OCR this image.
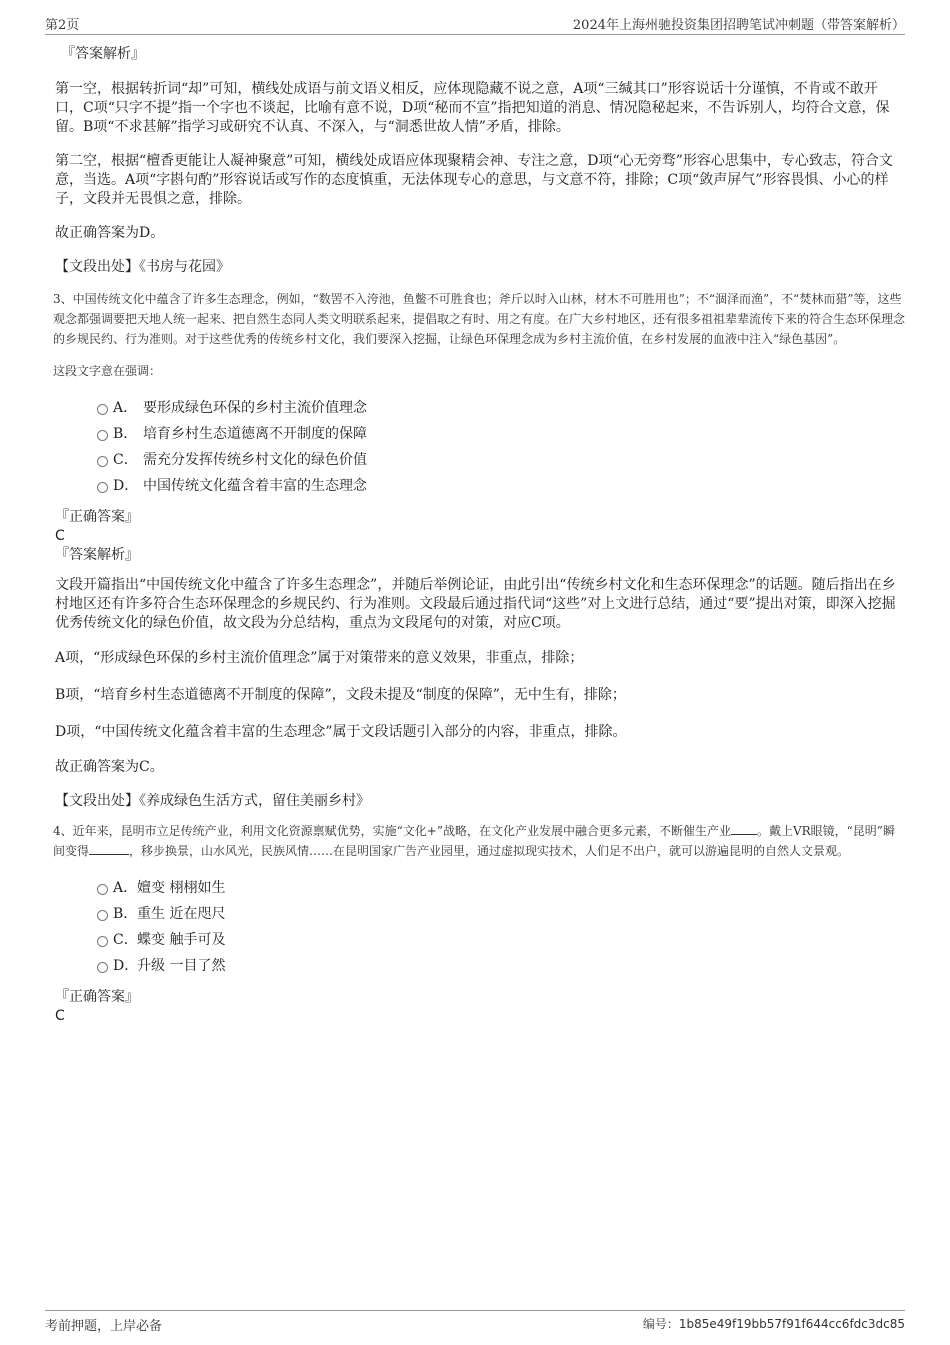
第2页	2024年上海州驰投资集团招聘笔试冲刺题（带答案解析）
『答案解析』

第一空，根据转折词“却”可知，横线处成语与前文语义相反，应体现隐藏不说之意，A项“三缄其口”形容说话十分谨慎，不肯或不敢开口，C项“只字不提”指一个字也不谈起，比喻有意不说，D项“秘而不宣”指把知道的消息、情况隐秘起来，不告诉别人，均符合文意，保留。B项“不求甚解”指学习或研究不认真、不深入，与“洞悉世故人情”矛盾，排除。

第二空，根据“檀香更能让人凝神聚意”可知，横线处成语应体现聚精会神、专注之意，D项“心无旁骛”形容心思集中，专心致志，符合文意，当选。A项“字斟句酌”形容说话或写作的态度慎重，无法体现专心的意思，与文意不符，排除；C项“敛声屏气”形容畏惧、小心的样子，文段并无畏惧之意，排除。

故正确答案为D。

【文段出处】《书房与花园》

3、中国传统文化中蕴含了许多生态理念，例如，“数罟不入洿池，鱼鳖不可胜食也；斧斤以时入山林，材木不可胜用也”；不“涸泽而渔”，不“焚林而猎”等，这些观念都强调要把天地人统一起来、把自然生态同人类文明联系起来，提倡取之有时、用之有度。在广大乡村地区，还有很多祖祖辈辈流传下来的符合生态环保理念的乡规民约、行为准则。对于这些优秀的传统乡村文化，我们要深入挖掘，让绿色环保理念成为乡村主流价值，在乡村发展的血液中注入“绿色基因”。

这段文字意在强调：

A． 要形成绿色环保的乡村主流价值理念
B． 培育乡村生态道德离不开制度的保障
C． 需充分发挥传统乡村文化的绿色价值
D． 中国传统文化蕴含着丰富的生态理念
『正确答案』
C
『答案解析』

文段开篇指出“中国传统文化中蕴含了许多生态理念”，并随后举例论证，由此引出“传统乡村文化和生态环保理念”的话题。随后指出在乡村地区还有许多符合生态环保理念的乡规民约、行为准则。文段最后通过指代词“这些”对上文进行总结，通过“要”提出对策，即深入挖掘优秀传统文化的绿色价值，故文段为分总结构，重点为文段尾句的对策，对应C项。

A项，“形成绿色环保的乡村主流价值理念”属于对策带来的意义效果，非重点，排除；

B项，“培育乡村生态道德离不开制度的保障”，文段未提及“制度的保障”，无中生有，排除；

D项，“中国传统文化蕴含着丰富的生态理念”属于文段话题引入部分的内容，非重点，排除。

故正确答案为C。

【文段出处】《养成绿色生活方式，留住美丽乡村》

4、近年来，昆明市立足传统产业，利用文化资源禀赋优势，实施“文化+”战略，在文化产业发展中融合更多元素，不断催生产业 。戴上VR眼镜，“昆明”瞬间变得	，移步换景，山水风光，民族风情……在昆明国家广告产业园里，通过虚拟现实技术，人们足不出户，就可以游遍昆明的自然人文景观。

A．嬗变 栩栩如生
B．重生 近在咫尺
C．蝶变 触手可及
D．升级 一目了然
『正确答案』
C
考前押题，上岸必备	编号：1b85e49f19bb57f91f644cc6fdc3dc85
